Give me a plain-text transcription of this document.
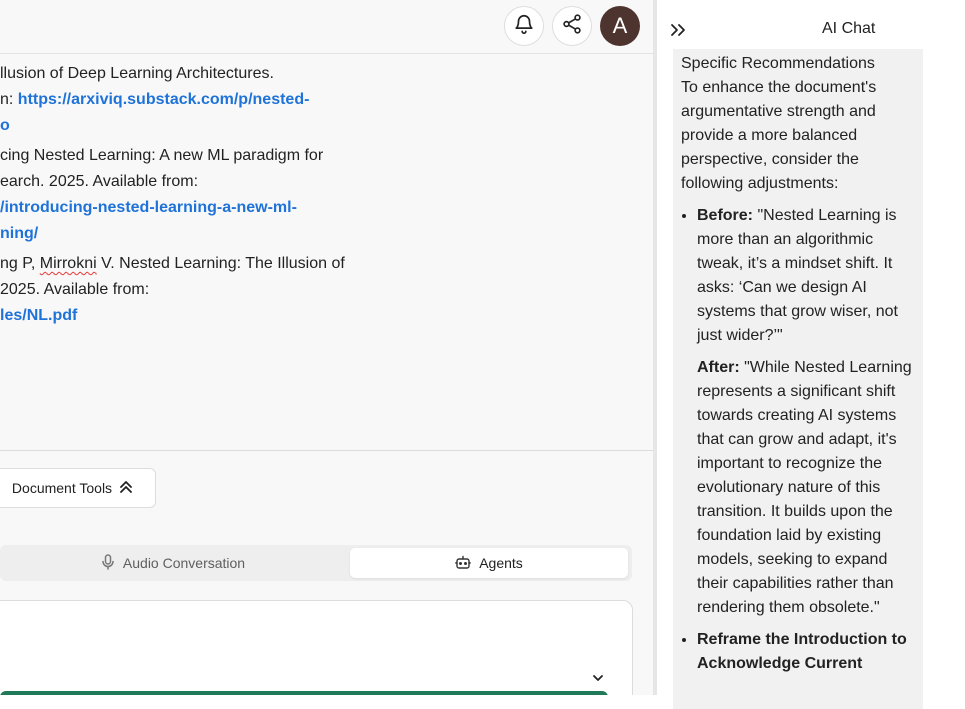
A
llusion of Deep Learning Architectures.
n: https://arxiviq.substack.com/p/nested-
o
cing Nested Learning: A new ML paradigm for
earch. 2025. Available from:
/introducing-nested-learning-a-new-ml-
ning/
ng P, Mirrokni V. Nested Learning: The Illusion of
2025. Available from:
les/NL.pdf
Document Tools
Audio Conversation	Agents
AI Chat

Specific Recommendations

To enhance the document's argumentative strength and provide a more balanced perspective, consider the following adjustments:

• Before: "Nested Learning is more than an algorithmic tweak, it’s a mindset shift. It asks: ‘Can we design AI systems that grow wiser, not just wider?’"

After: "While Nested Learning represents a significant shift towards creating AI systems that can grow and adapt, it's important to recognize the evolutionary nature of this transition. It builds upon the foundation laid by existing models, seeking to expand their capabilities rather than rendering them obsolete."

• Reframe the Introduction to Acknowledge Current
